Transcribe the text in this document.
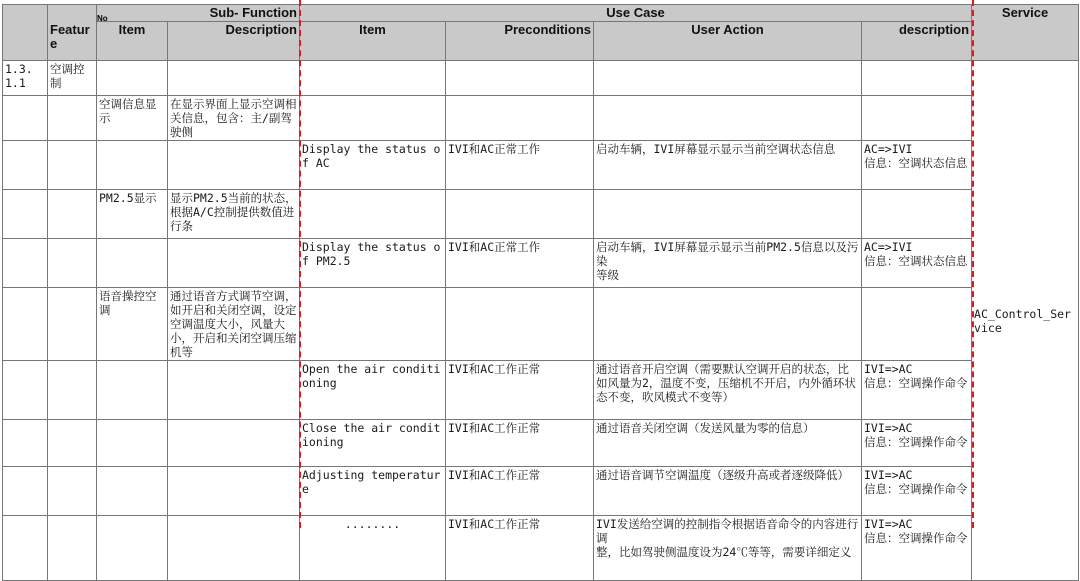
	Feature	Sub- Function		Use Case				Service
		Item	Description	Item	Preconditions	User Action	description	
1.3.1.1	空调控制							AC_Control_Service
		空调信息显示	在显示界面上显示空调相关信息，包含：主/副驾驶侧					
				Display the status of AC	IVI和AC正常工作	启动车辆，IVI屏幕显示显示当前空调状态信息	AC=>IVI
信息：空调状态信息	
		PM2.5显示	显示PM2.5当前的状态，根据A/C控制提供数值进行条					
				Display the status of PM2.5	IVI和AC正常工作	启动车辆，IVI屏幕显示显示当前PM2.5信息以及污染
等级	AC=>IVI
信息：空调状态信息	
		语音操控空调	通过语音方式调节空调，如开启和关闭空调，设定空调温度大小，风量大小，开启和关闭空调压缩机等					
				Open the air conditioning	IVI和AC工作正常	通过语音开启空调（需要默认空调开启的状态，比如风量为2，温度不变，压缩机不开启，内外循环状态不变，吹风模式不变等）	IVI=>AC
信息：空调操作命令	
				Close the air conditioning	IVI和AC工作正常	通过语音关闭空调（发送风量为零的信息）	IVI=>AC
信息：空调操作命令	
				Adjusting temperature	IVI和AC工作正常	通过语音调节空调温度（逐级升高或者逐级降低）	IVI=>AC
信息：空调操作命令	
				........	IVI和AC工作正常	IVI发送给空调的控制指令根据语音命令的内容进行调
整，比如驾驶侧温度设为24℃等等，需要详细定义	IVI=>AC
信息：空调操作命令	
No
